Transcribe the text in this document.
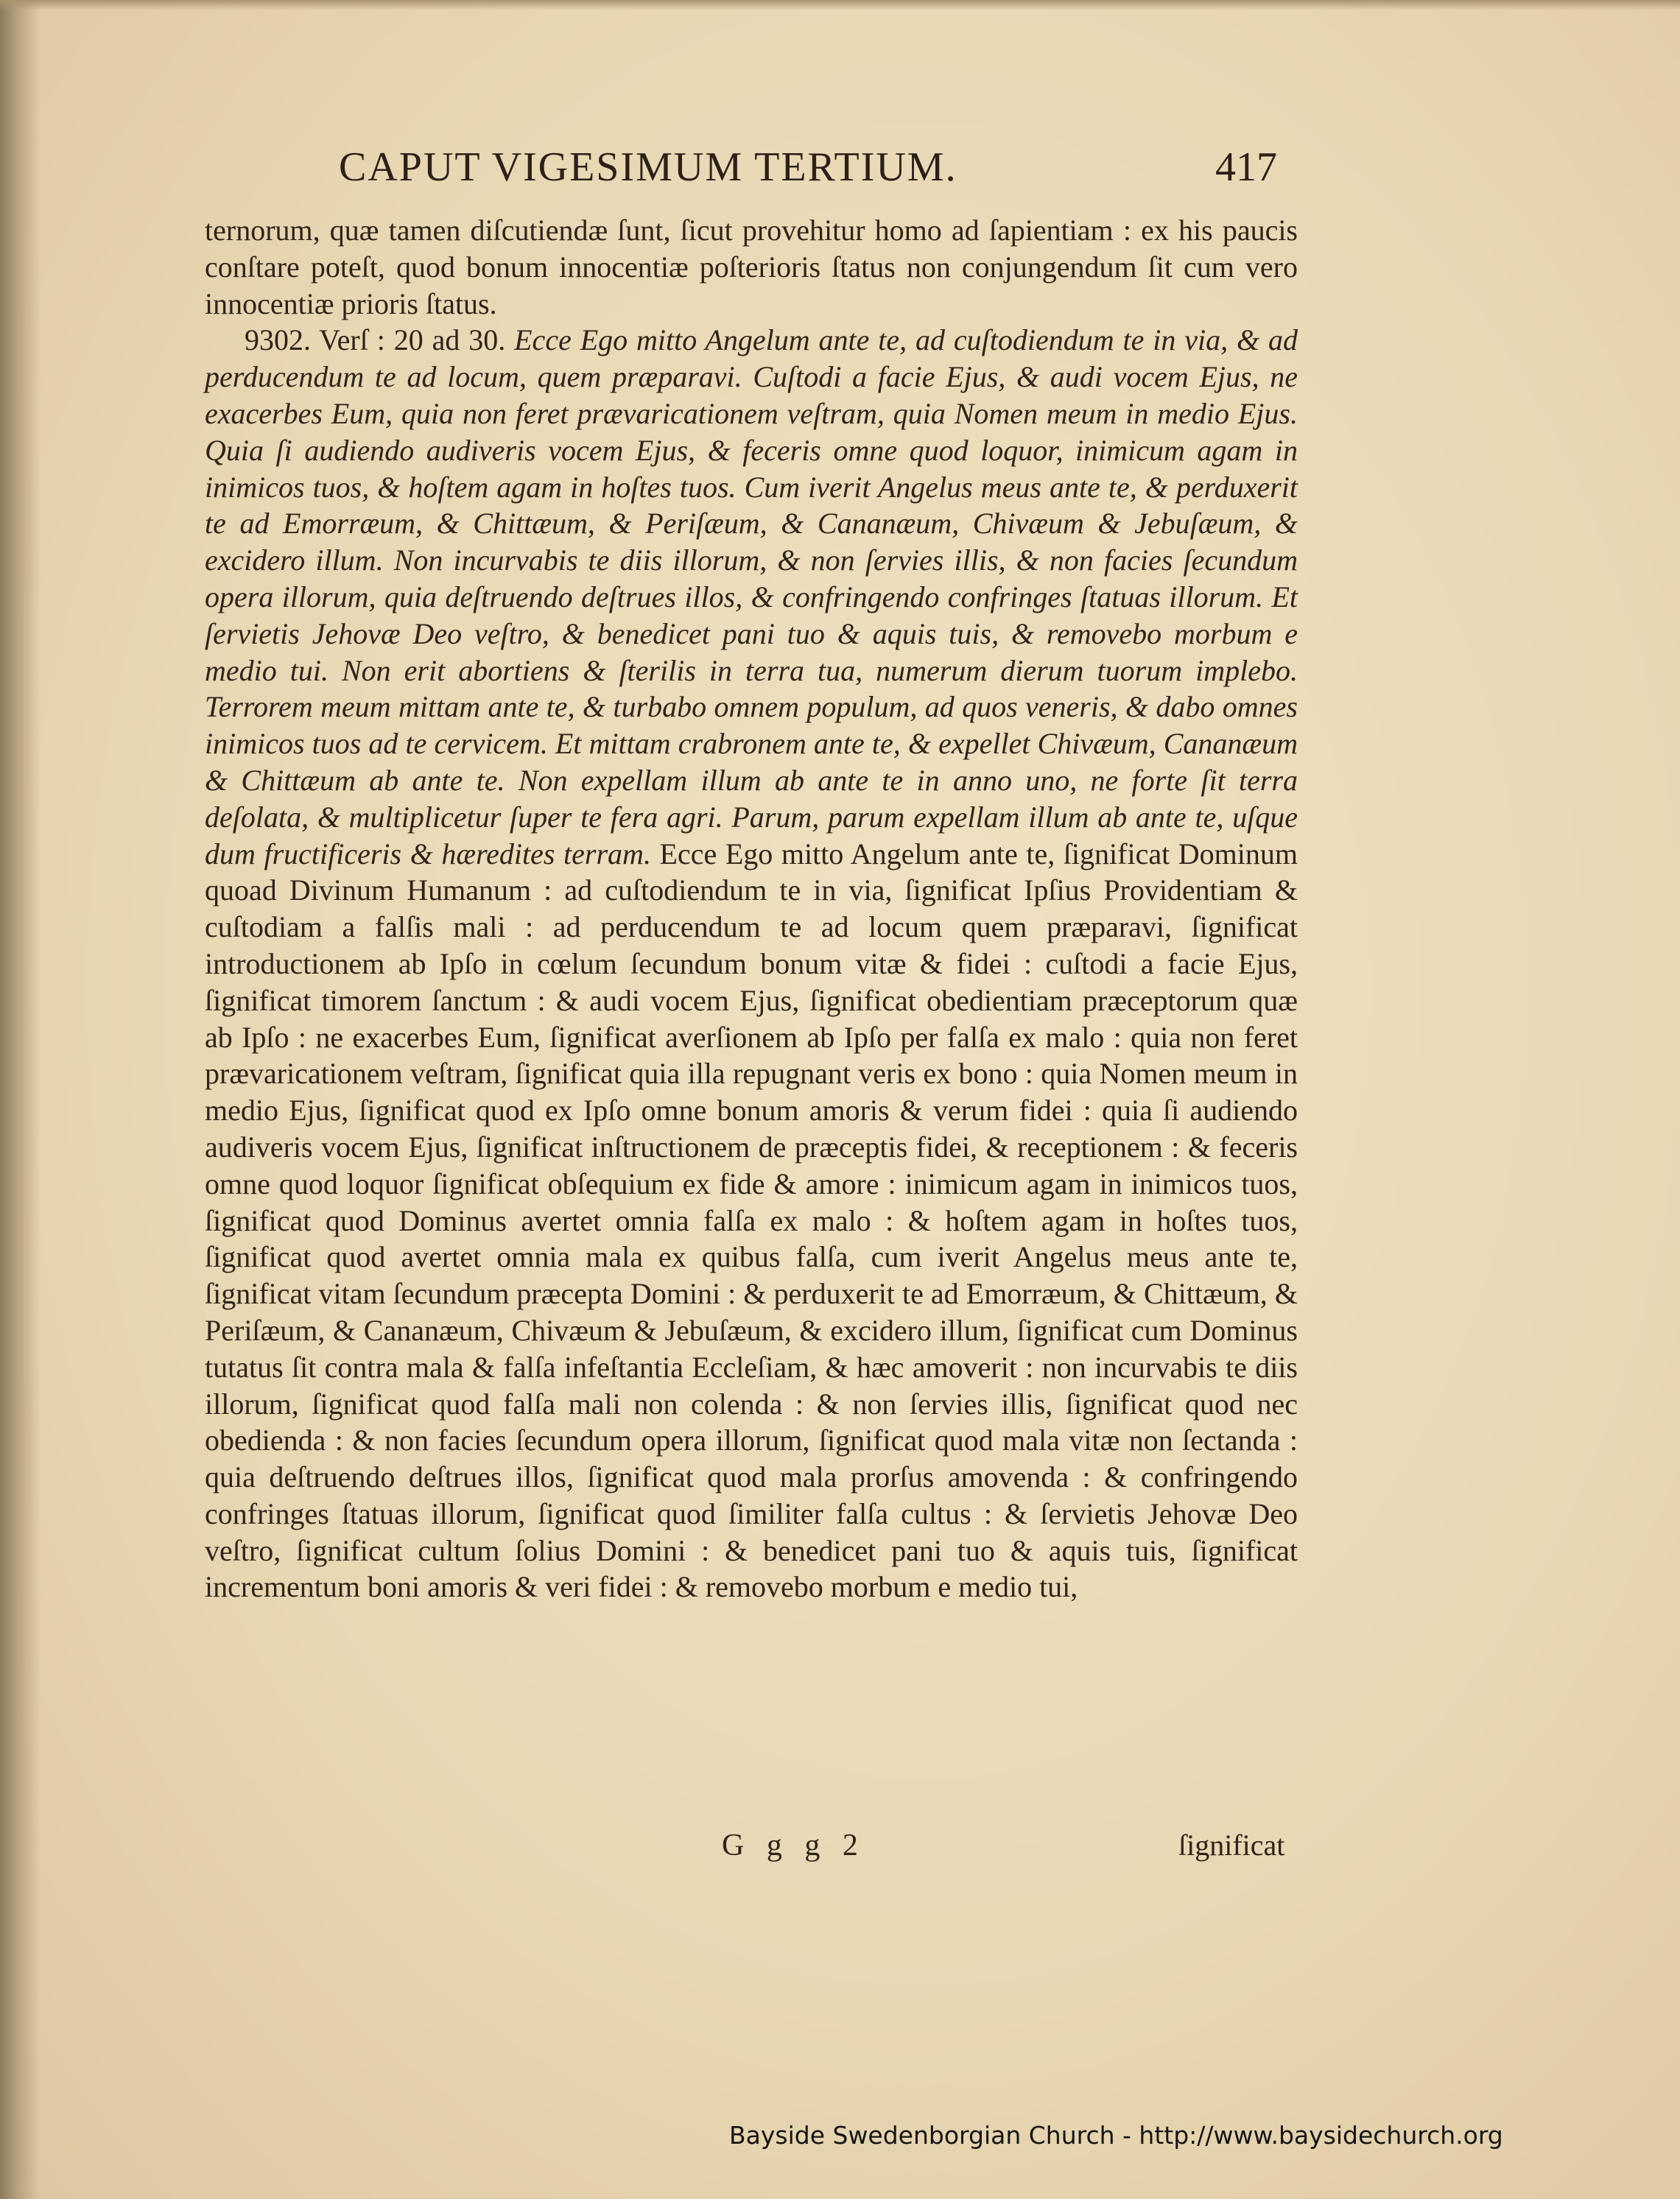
CAPUT VIGESIMUM TERTIUM.	417

ternorum, quæ tamen diſcutiendæ ſunt, ſicut provehitur homo ad ſapientiam : ex his paucis conſtare poteſt, quod bonum innocentiæ poſterioris ſtatus non conjungendum ſit cum vero innocentiæ prioris ſtatus.

9302. Verſ : 20 ad 30. Ecce Ego mitto Angelum ante te, ad cuſtodiendum te in via, & ad perducendum te ad locum, quem præparavi. Cuſtodi a facie Ejus, & audi vocem Ejus, ne exacerbes Eum, quia non feret prævaricationem veſtram, quia Nomen meum in medio Ejus. Quia ſi audiendo audiveris vocem Ejus, & feceris omne quod loquor, inimicum agam in inimicos tuos, & hoſtem agam in hoſtes tuos. Cum iverit Angelus meus ante te, & perduxerit te ad Emorræum, & Chittæum, & Periſæum, & Cananæum, Chivæum & Jebuſæum, & excidero illum. Non incurvabis te diis illorum, & non ſervies illis, & non facies ſecundum opera illorum, quia deſtruendo deſtrues illos, & confringendo confringes ſtatuas illorum. Et ſervietis Jehovæ Deo veſtro, & benedicet pani tuo & aquis tuis, & removebo morbum e medio tui. Non erit abortiens & ſterilis in terra tua, numerum dierum tuorum implebo. Terrorem meum mittam ante te, & turbabo omnem populum, ad quos veneris, & dabo omnes inimicos tuos ad te cervicem. Et mittam crabronem ante te, & expellet Chivæum, Cananæum & Chittæum ab ante te. Non expellam illum ab ante te in anno uno, ne forte ſit terra deſolata, & multiplicetur ſuper te fera agri. Parum, parum expellam illum ab ante te, uſque dum fructificeris & hæredites terram. Ecce Ego mitto Angelum ante te, ſignificat Dominum quoad Divinum Humanum : ad cuſtodiendum te in via, ſignificat Ipſius Providentiam & cuſtodiam a falſis mali : ad perducendum te ad locum quem præparavi, ſignificat introductionem ab Ipſo in cœlum ſecundum bonum vitæ & fidei : cuſtodi a facie Ejus, ſignificat timorem ſanctum : & audi vocem Ejus, ſignificat obedientiam præceptorum quæ ab Ipſo : ne exacerbes Eum, ſignificat averſionem ab Ipſo per falſa ex malo : quia non feret prævaricationem veſtram, ſignificat quia illa repugnant veris ex bono : quia Nomen meum in medio Ejus, ſignificat quod ex Ipſo omne bonum amoris & verum fidei : quia ſi audiendo audiveris vocem Ejus, ſignificat inſtructionem de præceptis fidei, & receptionem : & feceris omne quod loquor ſignificat obſequium ex fide & amore : inimicum agam in inimicos tuos, ſignificat quod Dominus avertet omnia falſa ex malo : & hoſtem agam in hoſtes tuos, ſignificat quod avertet omnia mala ex quibus falſa, cum iverit Angelus meus ante te, ſignificat vitam ſecundum præcepta Domini : & perduxerit te ad Emorræum, & Chittæum, & Periſæum, & Cananæum, Chivæum & Jebuſæum, & excidero illum, ſignificat cum Dominus tutatus ſit contra mala & falſa infeſtantia Eccleſiam, & hæc amoverit : non incurvabis te diis illorum, ſignificat quod falſa mali non colenda : & non ſervies illis, ſignificat quod nec obedienda : & non facies ſecundum opera illorum, ſignificat quod mala vitæ non ſectanda : quia deſtruendo deſtrues illos, ſignificat quod mala prorſus amovenda : & confringendo confringes ſtatuas illorum, ſignificat quod ſimiliter falſa cultus : & ſervietis Jehovæ Deo veſtro, ſignificat cultum ſolius Domini : & benedicet pani tuo & aquis tuis, ſignificat incrementum boni amoris & veri fidei : & removebo morbum e medio tui,

G g g 2	ſignificat
Bayside Swedenborgian Church - http://www.baysidechurch.org
